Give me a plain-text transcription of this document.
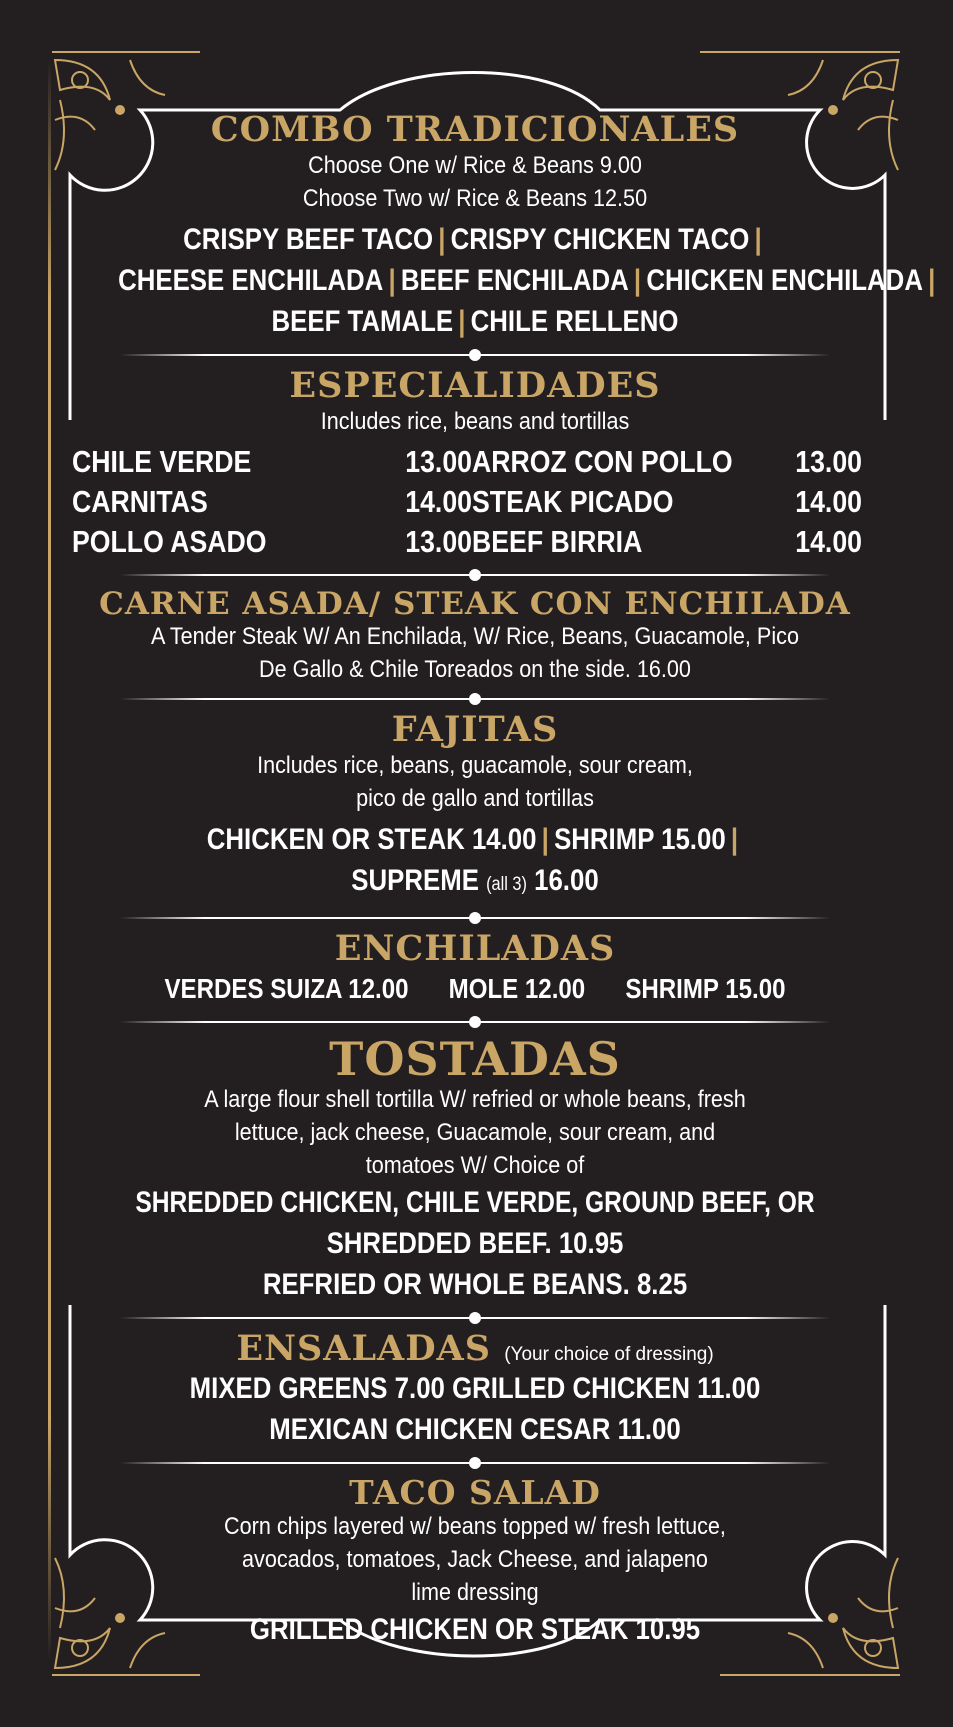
COMBO TRADICIONALES

Choose One w/ Rice & Beans 9.00

Choose Two w/ Rice & Beans 12.50

CRISPY BEEF TACO | CRISPY CHICKEN TACO |

CHEESE ENCHILADA | BEEF ENCHILADA | CHICKEN ENCHILADA |

BEEF TAMALE | CHILE RELLENO

ESPECIALIDADES

Includes rice, beans and tortillas

CHILE VERDE	13.00 ARROZ CON POLLO	13.00
CARNITAS	14.00 STEAK PICADO	14.00
POLLO ASADO	13.00 BEEF BIRRIA	14.00
CARNE ASADA/ STEAK CON ENCHILADA

A Tender Steak W/ An Enchilada, W/ Rice, Beans, Guacamole, Pico

De Gallo & Chile Toreados on the side. 16.00

FAJITAS

Includes rice, beans, guacamole, sour cream,

pico de gallo and tortillas

CHICKEN OR STEAK 14.00 | SHRIMP 15.00 |

SUPREME (all 3) 16.00

ENCHILADAS

VERDES SUIZA 12.00 MOLE 12.00 SHRIMP 15.00

TOSTADAS

A large flour shell tortilla W/ refried or whole beans, fresh

lettuce, jack cheese, Guacamole, sour cream, and

tomatoes W/ Choice of

SHREDDED CHICKEN, CHILE VERDE, GROUND BEEF, OR

SHREDDED BEEF. 10.95

REFRIED OR WHOLE BEANS. 8.25

ENSALADAS (Your choice of dressing)

MIXED GREENS 7.00 GRILLED CHICKEN 11.00

MEXICAN CHICKEN CESAR 11.00

TACO SALAD

Corn chips layered w/ beans topped w/ fresh lettuce,

avocados, tomatoes, Jack Cheese, and jalapeno

lime dressing

GRILLED CHICKEN OR STEAK 10.95
